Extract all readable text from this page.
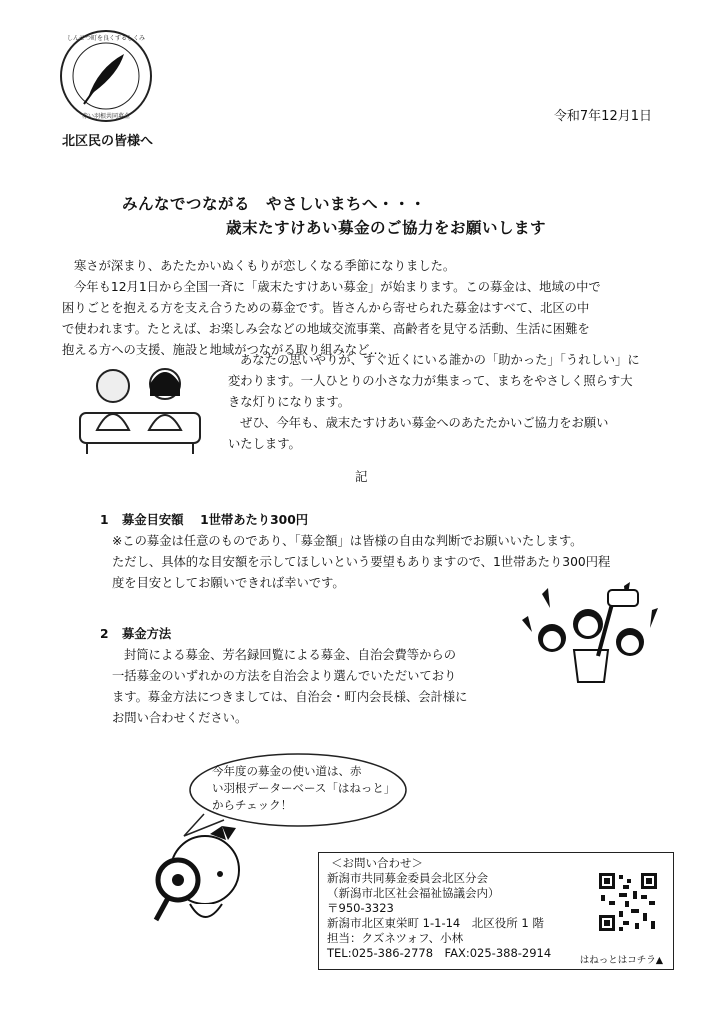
しんせつ町を良くするしくみ
赤い羽根共同募金	令和7年12月1日
北区民の皆様へ
みんなでつながる　やさしいまちへ・・・
歳末たすけあい募金のご協力をお願いします
寒さが深まり、あたたかいぬくもりが恋しくなる季節になりました。
今年も12月1日から全国一斉に「歳末たすけあい募金」が始まります。この募金は、地域の中で
困りごとを抱える方を支え合うための募金です。皆さんから寄せられた募金はすべて、北区の中
で使われます。たとえば、お楽しみ会などの地域交流事業、高齢者を見守る活動、生活に困難を
抱える方への支援、施設と地域がつながる取り組みなど…
あなたの思いやりが、すぐ近くにいる誰かの「助かった」「うれしい」に
変わります。一人ひとりの小さな力が集まって、まちをやさしく照らす大
きな灯りになります。
ぜひ、今年も、歳末たすけあい募金へのあたたかいご協力をお願い
いたします。
記
1 募金目安額　 1世帯あたり300円
※この募金は任意のものであり、「募金額」は皆様の自由な判断でお願いいたします。
ただし、具体的な目安額を示してほしいという要望もありますので、1世帯あたり300円程
度を目安としてお願いできれば幸いです。
2 募金方法
封筒による募金、芳名録回覧による募金、自治会費等からの
一括募金のいずれかの方法を自治会より選んでいただいており
ます。募金方法につきましては、自治会・町内会長様、会計様に
お問い合わせください。
今年度の募金の使い道は、赤
い羽根データーベース「はねっと」
からチェック！
＜お問い合わせ＞
新潟市共同募金委員会北区分会
（新潟市北区社会福祉協議会内）
〒950-3323
新潟市北区東栄町 1-1-14　北区役所 1 階
担当：クズネツォフ、小林
TEL:025-386-2778　FAX:025-388-2914
はねっとはコチラ▲
